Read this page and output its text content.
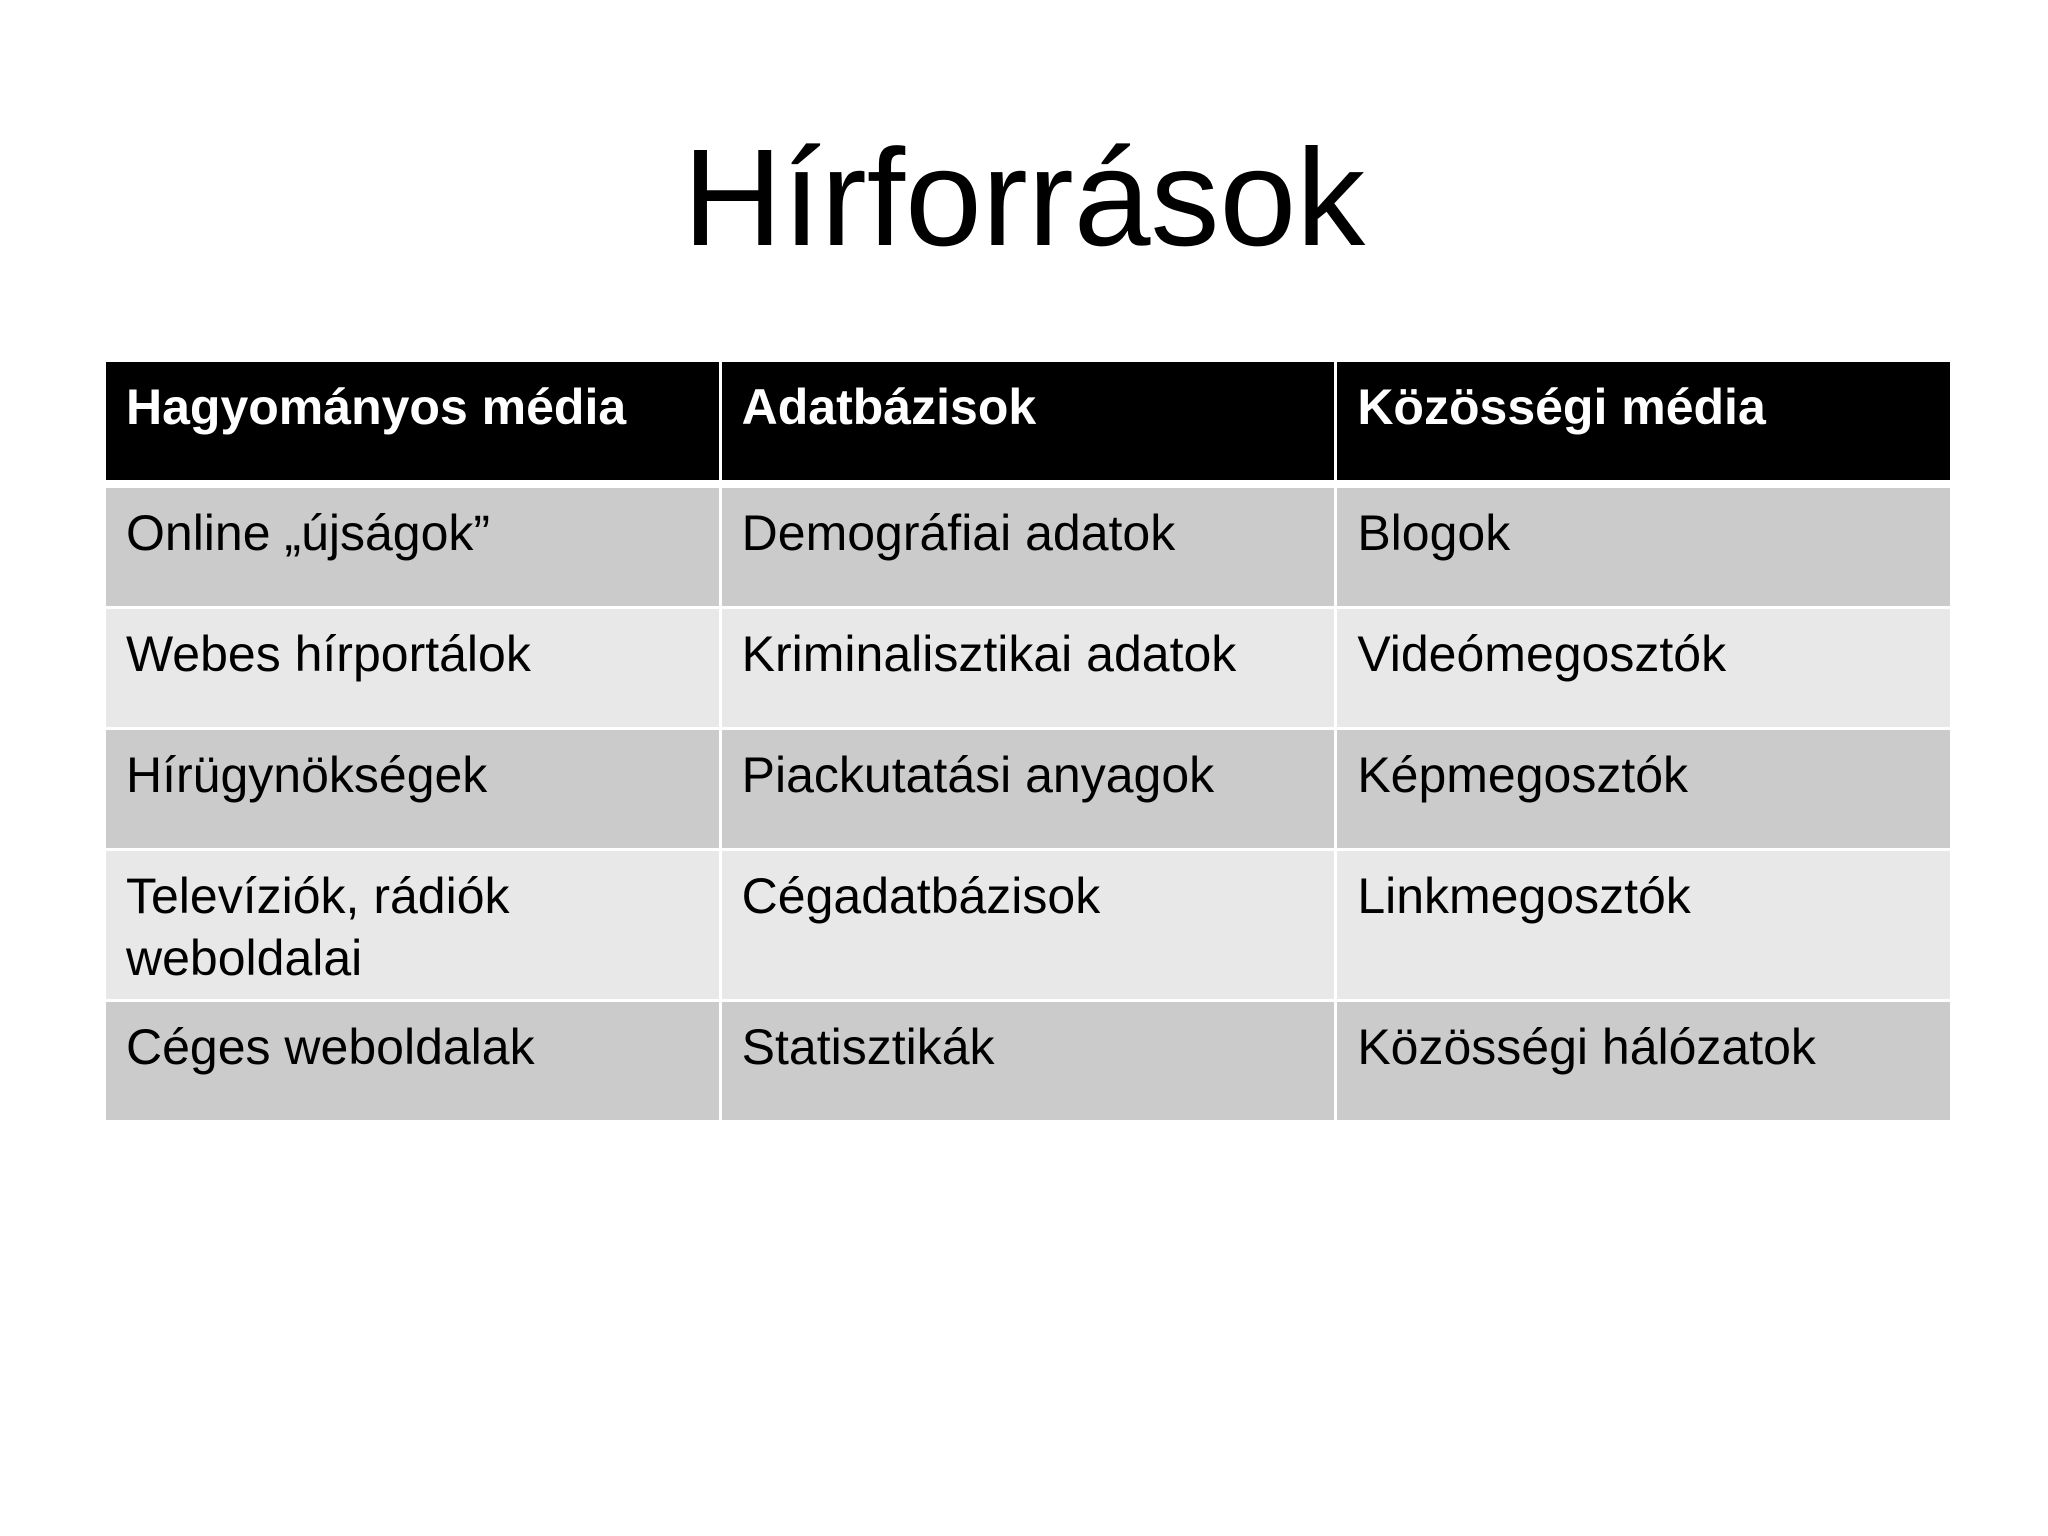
Hírforrások
Hagyományos média	Adatbázisok	Közösségi média
Online „újságok”	Demográfiai adatok	Blogok
Webes hírportálok	Kriminalisztikai adatok	Videómegosztók
Hírügynökségek	Piackutatási anyagok	Képmegosztók
Televíziók, rádiók weboldalai	Cégadatbázisok	Linkmegosztók
Céges weboldalak	Statisztikák	Közösségi hálózatok
